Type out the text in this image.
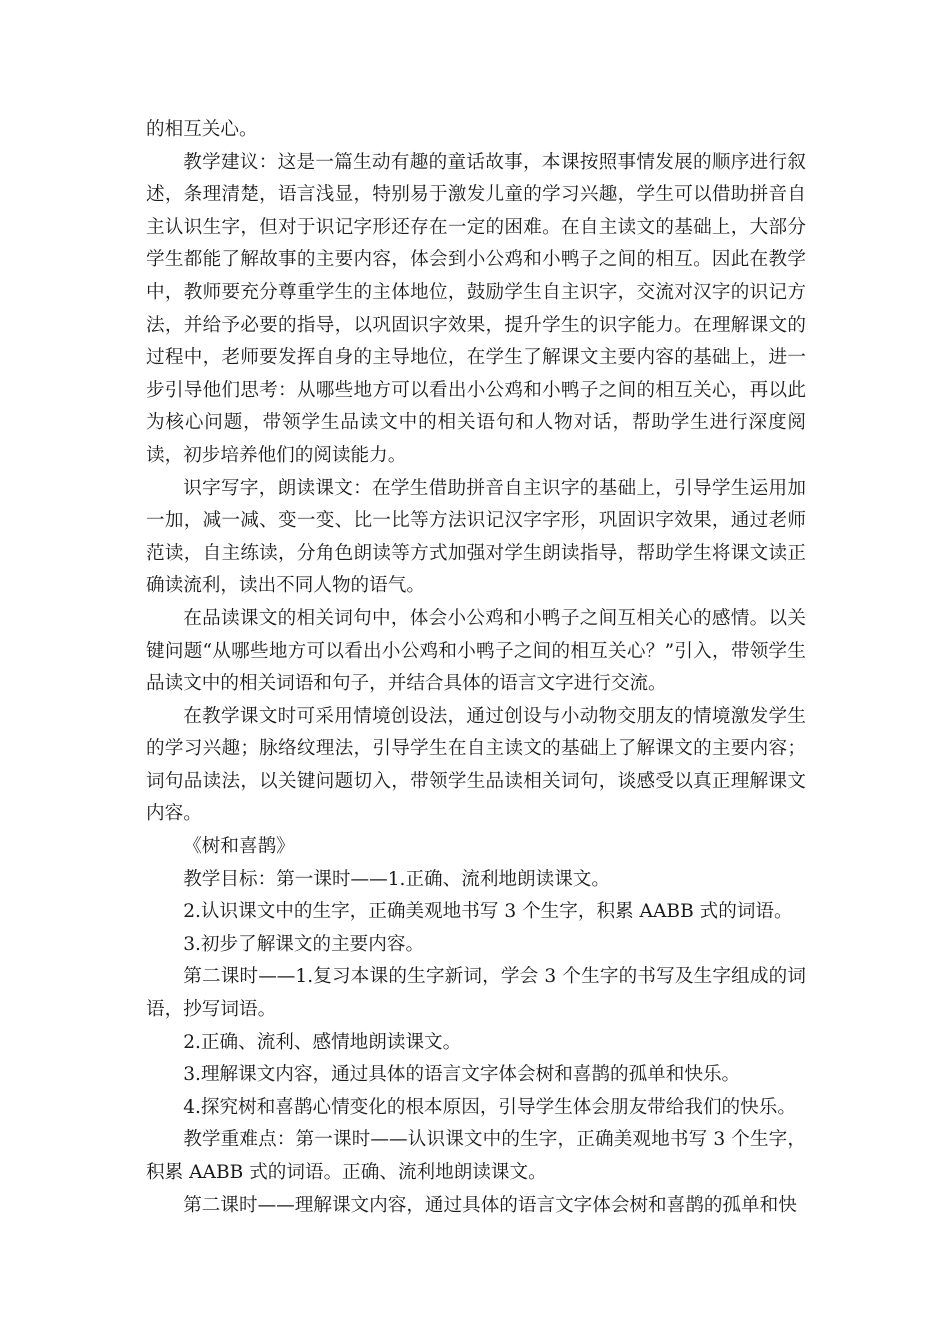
的相互关心。

教学建议：这是一篇生动有趣的童话故事，本课按照事情发展的顺序进行叙述，条理清楚，语言浅显，特别易于激发儿童的学习兴趣，学生可以借助拼音自主认识生字，但对于识记字形还存在一定的困难。在自主读文的基础上，大部分学生都能了解故事的主要内容，体会到小公鸡和小鸭子之间的相互。因此在教学中，教师要充分尊重学生的主体地位，鼓励学生自主识字，交流对汉字的识记方法，并给予必要的指导，以巩固识字效果，提升学生的识字能力。在理解课文的过程中，老师要发挥自身的主导地位，在学生了解课文主要内容的基础上，进一步引导他们思考：从哪些地方可以看出小公鸡和小鸭子之间的相互关心，再以此为核心问题，带领学生品读文中的相关语句和人物对话，帮助学生进行深度阅读，初步培养他们的阅读能力。

识字写字，朗读课文：在学生借助拼音自主识字的基础上，引导学生运用加一加，减一减、变一变、比一比等方法识记汉字字形，巩固识字效果，通过老师范读，自主练读，分角色朗读等方式加强对学生朗读指导，帮助学生将课文读正确读流利，读出不同人物的语气。

在品读课文的相关词句中，体会小公鸡和小鸭子之间互相关心的感情。以关键问题“从哪些地方可以看出小公鸡和小鸭子之间的相互关心？”引入，带领学生品读文中的相关词语和句子，并结合具体的语言文字进行交流。

在教学课文时可采用情境创设法，通过创设与小动物交朋友的情境激发学生的学习兴趣；脉络纹理法，引导学生在自主读文的基础上了解课文的主要内容；词句品读法，以关键问题切入，带领学生品读相关词句，谈感受以真正理解课文内容。

《树和喜鹊》

教学目标：第一课时——1.正确、流利地朗读课文。

2.认识课文中的生字，正确美观地书写 3 个生字，积累 AABB 式的词语。

3.初步了解课文的主要内容。

第二课时——1.复习本课的生字新词，学会 3 个生字的书写及生字组成的词语，抄写词语。

2.正确、流利、感情地朗读课文。

3.理解课文内容，通过具体的语言文字体会树和喜鹊的孤单和快乐。

4.探究树和喜鹊心情变化的根本原因，引导学生体会朋友带给我们的快乐。

教学重难点：第一课时——认识课文中的生字，正确美观地书写 3 个生字，积累 AABB 式的词语。正确、流利地朗读课文。

第二课时——理解课文内容，通过具体的语言文字体会树和喜鹊的孤单和快
